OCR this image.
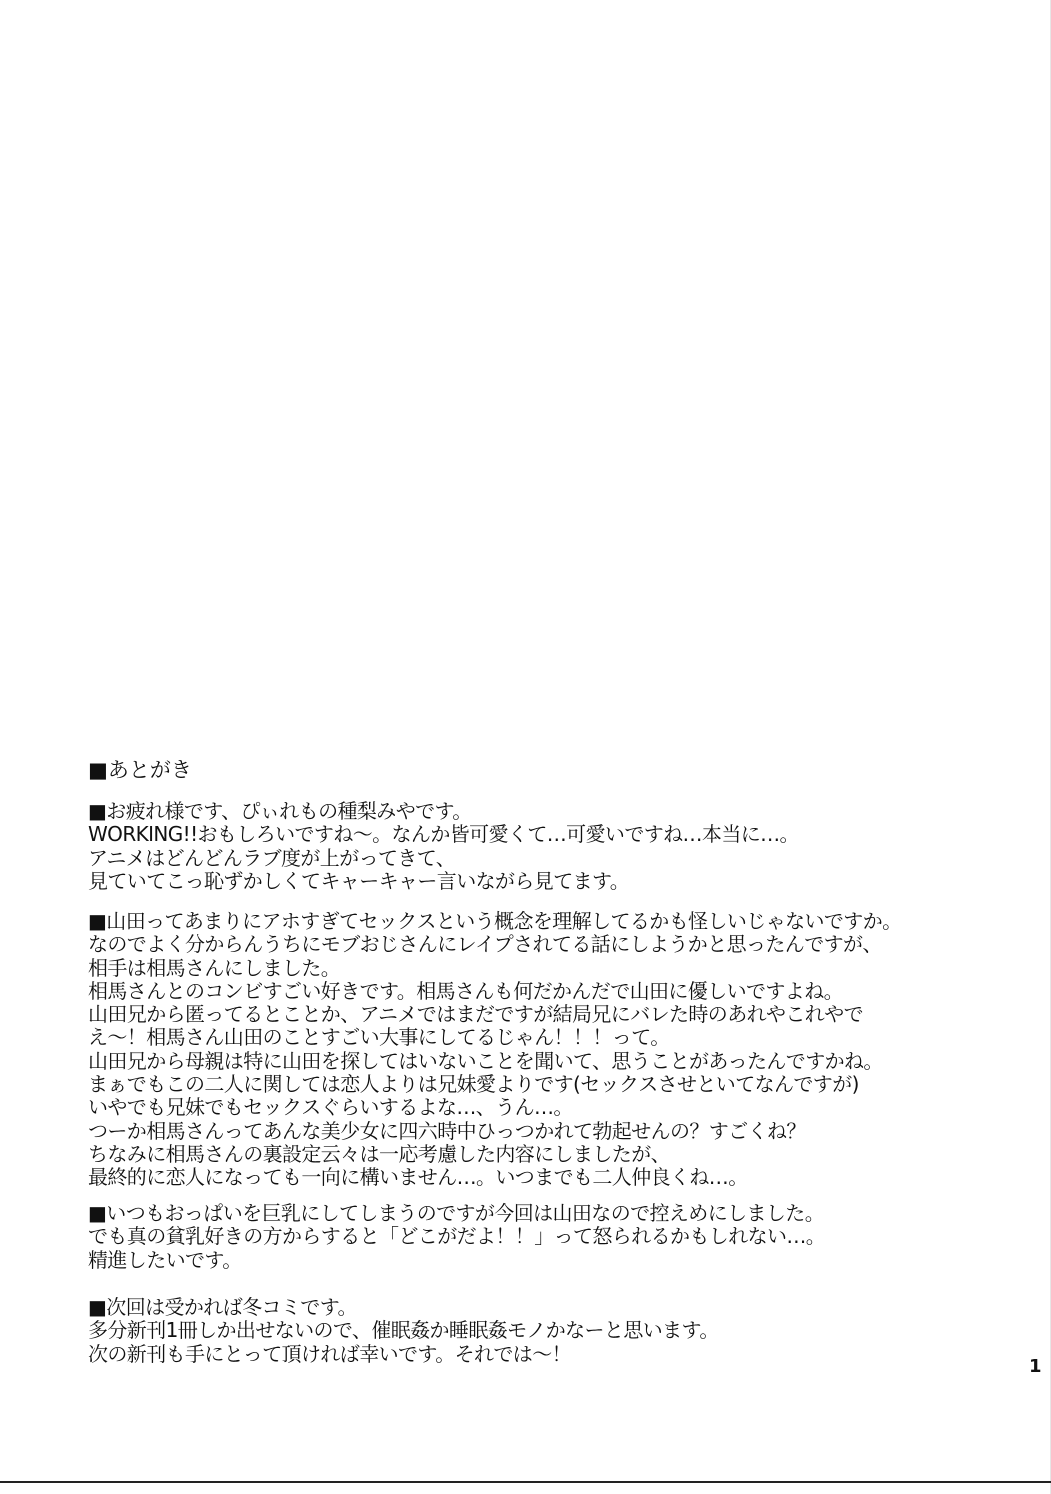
■あとがき
■お疲れ様です、ぴぃれもの種梨みやです。
WORKING!!おもしろいですね～。なんか皆可愛くて…可愛いですね…本当に…。
アニメはどんどんラブ度が上がってきて、
見ていてこっ恥ずかしくてキャーキャー言いながら見てます。
■山田ってあまりにアホすぎてセックスという概念を理解してるかも怪しいじゃないですか。
なのでよく分からんうちにモブおじさんにレイプされてる話にしようかと思ったんですが、
相手は相馬さんにしました。
相馬さんとのコンビすごい好きです。相馬さんも何だかんだで山田に優しいですよね。
山田兄から匿ってるとことか、アニメではまだですが結局兄にバレた時のあれやこれやで
え～！相馬さん山田のことすごい大事にしてるじゃん！！！って。
山田兄から母親は特に山田を探してはいないことを聞いて、思うことがあったんですかね。
まぁでもこの二人に関しては恋人よりは兄妹愛よりです(セックスさせといてなんですが)
いやでも兄妹でもセックスぐらいするよな…、うん…。
つーか相馬さんってあんな美少女に四六時中ひっつかれて勃起せんの？すごくね？
ちなみに相馬さんの裏設定云々は一応考慮した内容にしましたが、
最終的に恋人になっても一向に構いません…。いつまでも二人仲良くね…。
■いつもおっぱいを巨乳にしてしまうのですが今回は山田なので控えめにしました。
でも真の貧乳好きの方からすると「どこがだよ！！」って怒られるかもしれない…。
精進したいです。
■次回は受かれば冬コミです。
多分新刊1冊しか出せないので、催眠姦か睡眠姦モノかなーと思います。
次の新刊も手にとって頂ければ幸いです。それでは～！
1
